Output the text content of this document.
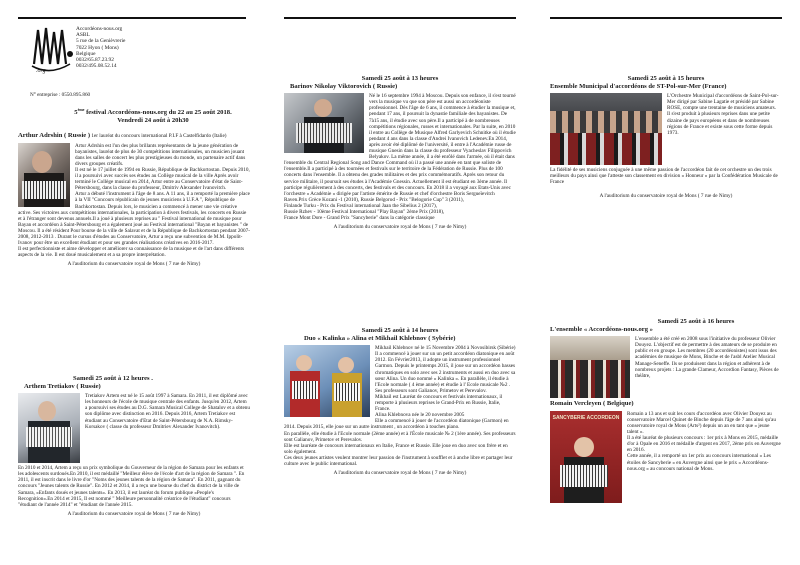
.org
Accordéons-nous.org
ASBL
5 rue de la Genièvrerie
7022 Hyon ( Mons)
Belgique
0032/65.87.23.92
0032/495.08.52.14
N° entreprise : 0550.895.860
5ème festival Accordéons-nous.org du 22 au 25 août 2018.
Vendredi 24 août à 20h30
Arthur Adrshin ( Russie ) 1er lauréat du concours international P.I.F à Castelfidardo (Italie)

Artur Adrshin est l'un des plus brillants représentants de la jeune génération de bayanistes, lauréat de plus de 30 compétitions internationales, un musicien jouant dans les salles de concert les plus prestigieuses du monde, un partenaire actif dans divers groupes créatifs.

Il est né le 17 juillet de 1994 en Russie, République de Bachkortostan. Depuis 2010, il a poursuivi avec succès ses études au Collège musical de la ville Après avoir terminé le Collège musical en 2014, Artur entre au Conservatoire d'état de Saint-Pétersbourg, dans la classe du professeur, Dmitriv Alexander Ivanovitch.

Artur a débuté l'instrument à l'âge de 8 ans. A 11 ans, il a remporté la première place à la VII "Concours républicain de jeunes musiciens à U.F.A ", République de Bachkortostan. Depuis lors, le musicien a commencé à mener une vie créative active. Ses victoires aux compétitions internationales, la participation à divers festivals, les concerts en Russie et à l'étranger sont devenus annuels.Il a joué à plusieurs reprises au " Festival international de musique pour Bayan et accordéon à Saint-Pétersbourg et a également joué au Festival international "Bayan et bayanistes " de Moscou. Il a été résident Pour bourse de la ville de Salavat et de la République de Bachkortostan pendant 2007-2008, 2012-2013 . Durant le cursus d'études au Conservatoire, Artur a reçu une subvention de M.M. Ippolit-Ivanov pour être un excellent étudiant et pour ses grandes réalisations créatives en 2016-2017.

Il est perfectionniste et aime développer et améliorer sa connaissance de la musique et de l'art dans différents aspects de la vie. Il est doué musicalement et a sa propre interprétation.

A l'auditorium du conservatoire royal de Mons ( 7 rue de Nimy)
Samedi 25 août à 12 heures .
Arthem Tretiakov ( Russie)

Tretiakov Artem est né le 15 août 1997 à Samara. En 2011, il est diplômé avec les honneurs de l'école de musique centrale des enfants. Jusqu'en 2012, Artem a poursuivi ses études au D.G. Samara Musical College de Shatalov et a obtenu son diplôme avec distinction en 2016. Depuis 2016, Artem Tretiakov est étudiant au Conservatoire d'Etat de Saint-Pétersbourg de N.A. Rimsky-Korsakov ( classe du professeur Dmitriev Alexander Ivanovitch).

En 2010 et 2014, Artem a reçu un prix symbolique du Gouverneur de la région de Samara pour les enfants et les adolescents surdoués.En 2010, il est médaillé "Meilleur élève de l'école d'art de la région de Samara ". En 2011, il est inscrit dans le livre d'or "Noms des jeunes talents de la région de Samara". En 2011, gagnant du concours "Jeunes talents de Russie". En 2012 et 2014, il a reçu une bourse du chef du district de la ville de Samara, «Enfants doués et jeunes talents». En 2013, il est lauréat du forum publique «People's Recognition».En 2014 et 2015, Il est nommé " Meilleure personnalité créatrice de l'étudiant" concours "étudiant de l'année 2014" et "étudiant de l'année 2015.

A l'auditorium du conservatoire royal de Mons ( 7 rue de Nimy)
Samedi 25 août à 13 heures
Barinov Nikolay Viktorovich ( Russie)

Né le 16 septembre 1994 à Moscou. Depuis son enfance, il s'est tourné vers la musique vu que son père est aussi un accordéoniste professionnel. Dès l'âge de 6 ans, il commence à étudier la musique et, pendant 17 ans, il poursuit la dynastie familiale des bayanistes. De 7à15 ans, il étudie avec son père.Il a participé à de nombreuses compétitions régionales, russes et internationales. Par la suite, en 2010 il entre au Collège de Musique Alfred Garlyevich Schnitke où il étudie pendant 4 ans dans la classe d'Andrei Ivanovich Ledenev.En 2014, après avoir été diplômé de l'université, il entre à l'Académie russe de musique Gnesin dans la classe du professeur Vyacheslav Filippovich Belyakov. La même année, il a été enrôlé dans l'armée, où il était dans l'ensemble du Central Regional Song and Dance Command où il a passé une année en tant que soliste de l'ensemble.Il a participé à des tournées et festivals sur le territoire de la Fédération de Russie. Plus de 100 concerts dans l'ensemble. Il a obtenu des grades militaires et des prix commémoratifs. Après son retour du service militaire, il poursuit ses études à l'Académie Gnessin. Actuellement il est étudiant en 3ème année. Il participe régulièrement à des concerts, des festivals et des concours. En 2018 il a voyagé aux Etats-Unis avec l'orchestre « Académie » dirigée par l'artiste émérite de Russie et chef d'orchestre Boris Sergueïevitch Raven.Prix Grèce Kozani -1 (2010), Russie Belgorod - Prix "Belogorie Cup" 3 (2011),

Finlande Turku - Prix du Festival international Jaan the Sibelius 2 (2017),

Russie Rzhev - 10ème Festival International "Play Bayan" 2ème Prix (2018),

France Mont Dore - Grand Prix "Sancyberie" dans la catégorie classique

A l'auditorium du conservatoire royal de Mons ( 7 rue de Nimy)
Samedi 25 août à 14 heures
Duo « Kalinka » Alina et Mikhail Khlebnov ( Sybérie)

Mikhail Khlebnov né le 15 Novembre 2004 à Novosibirsk (Sibérie)

Il a commencé à jouer sur un un petit accordéon diatonique en août 2012. En Février2013, il adopte un instrument professionnel Garmon. Depuis le printemps 2015, il joue sur un accordéon basses chromatiques en solo avec ses 2 instruments et aussi en duo avec sa sœur Alina. Un duo nommé « Kalinka ». En parallèle, il étudie à l'Ecole normale ( 4 ème année) et étudie à l' Ecole musicale №2 . Ses professeurs sont Galianov, Primetov et Perevalov.

Mikhail est Lauréat de concours et festivals internationaux, il remporte à plusieurs reprises le Grand-Prix en Russie, Italie, France.

Alina Khlebnova née le 20 novembre 2005

Elle a commencé à jouer de l'accordéon diatonique (Garmon) en 2014. Depuis 2015, elle joue sur un autre instrument , un accordéon à touches piano.

En parallèle, elle étudie à l'Ecole normale (2ème année) et à l'École musicale № 2 (1ère année). Ses professeurs sont Galianov, Primetov et Perevalov.

Elle est lauréate de concours internationaux en Italie, France et Russie. Elle joue en duo avec son frère et en solo également.

Ces deux jeunes artistes veulent montrer leur passion de l'instrument à soufflet et à anche libre et partager leur culture avec le public international.

A l'auditorium du conservatoire royal de Mons ( 7 rue de Nimy)
Samedi 25 août à 15 heures
Ensemble Municipal d'accordéons de ST-Pol-sur-Mer (France)

L'Orchestre Municipal d'accordéons de Saint-Pol-sur-Mer dirigé par Sabine Lagatie et présidé par Sabine ROSE, compte une trentaine de musiciens amateurs.

Il s'est produit à plusieurs reprises dans une petite dizaine de pays européens et dans de nombreuses régions de France et existe sous cette forme depuis 1973.

La fidélité de ses musiciens conjuguée à une même passion de l'accordéon fait de cet orchestre un des trois meilleurs du pays ainsi que l'atteste son classement en division « Honneur » par la Confédération Musicale de France

A l'auditorium du conservatoire royal de Mons ( 7 rue de Nimy)
Samedi 25 août à 16 heures
L'ensemble « Accordéons-nous.org »

L'ensemble a été créé en 2008 sous l'initiative du professeur Olivier Douyez. L'objectif est de permettre à des amateurs de se produire en public et en groupe. Les membres (20 accordéonistes) sont issus des académies de musique de Mons, Binche et de l'asbl Atelier Musical Manage-Seneffe. Ils se produisent dans la région et adhèrent à de nombreux projets : La grande Clameur, Accordion Fantasy, Pièces de théâtre,

Romain Vercleyen ( Belgique)
SANCYBERIE ACCORDEON

Romain a 13 ans et suit les cours d'accordéon avec Olivier Douyez au conservatoire Marcel Quinet de Binche depuis l'âge de 7 ans ainsi qu'au conservatoire royal de Mons (Arts²) depuis un an en tant que « jeune talent ».

Il a été lauréat de plusieurs concours : 1er prix à Mons en 2015, médaille d'or à Opale en 2016 et médaille d'argent en 2017, 2ème prix en Auvergne en 2016.

Cette année, il a remporté un 1er prix au concours international « Les étoiles de Sancyberie » en Auvergne ainsi que le prix « Accordéons-nous.org » au concours national de Mons.
